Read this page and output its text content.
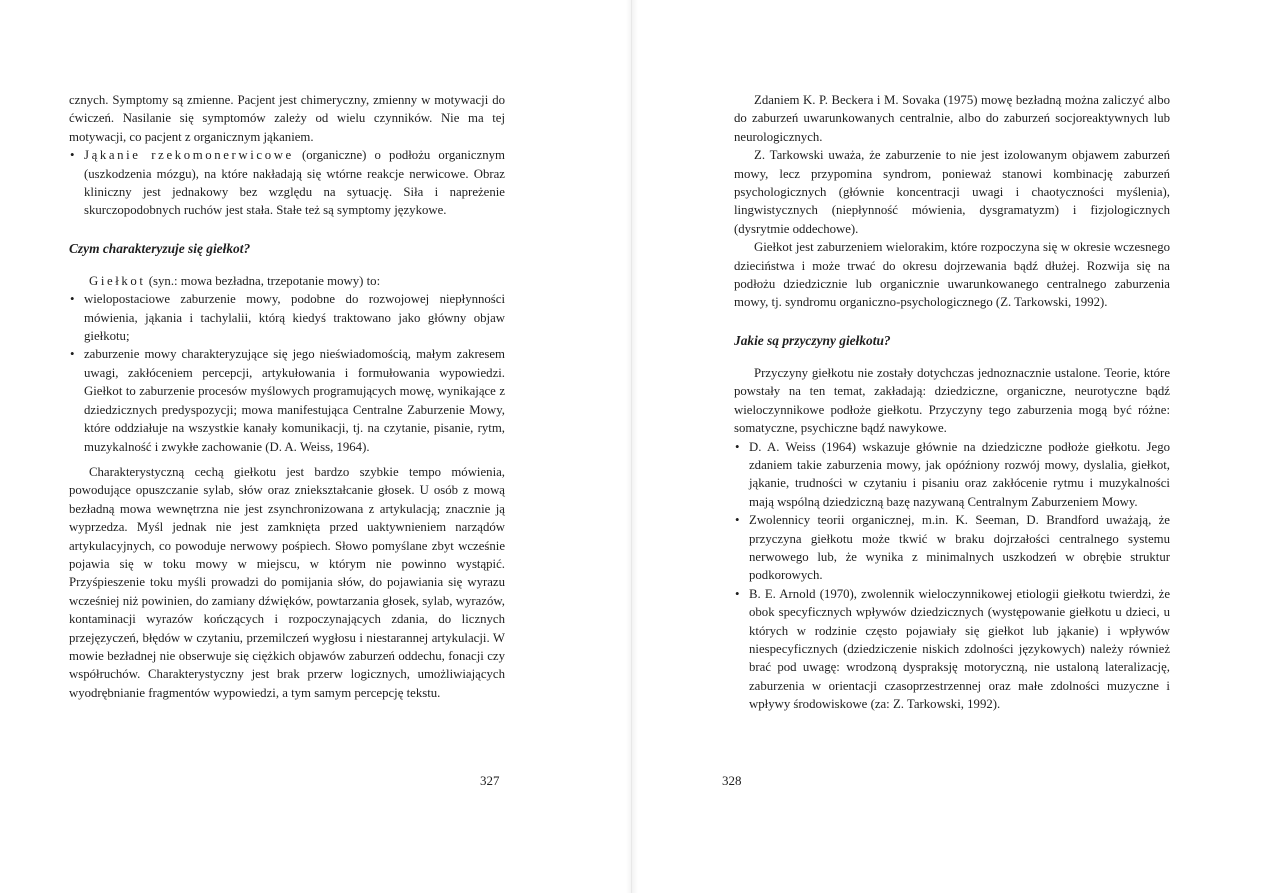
cznych. Symptomy są zmienne. Pacjent jest chimeryczny, zmienny w motywacji do ćwiczeń. Nasilanie się symptomów zależy od wielu czynników. Nie ma tej motywacji, co pacjent z organicznym jąkaniem.

• Jąkanie rzekomonerwicowe (organiczne) o podłożu organicznym (uszkodzenia mózgu), na które nakładają się wtórne reakcje nerwicowe. Obraz kliniczny jest jednakowy bez względu na sytuację. Siła i napreżenie skurczopodobnych ruchów jest stała. Stałe też są symptomy językowe.
Czym charakteryzuje się giełkot?

Giełkot (syn.: mowa bezładna, trzepotanie mowy) to:

• wielopostaciowe zaburzenie mowy, podobne do rozwojowej niepłynności mówienia, jąkania i tachylalii, którą kiedyś traktowano jako główny objaw giełkotu;
• zaburzenie mowy charakteryzujące się jego nieświadomością, małym zakresem uwagi, zakłóceniem percepcji, artykułowania i formułowania wypowiedzi. Giełkot to zaburzenie procesów myślowych programujących mowę, wynikające z dziedzicznych predyspozycji; mowa manifestująca Centralne Zaburzenie Mowy, które oddziałuje na wszystkie kanały komunikacji, tj. na czytanie, pisanie, rytm, muzykalność i zwykłe zachowanie (D. A. Weiss, 1964).

Charakterystyczną cechą giełkotu jest bardzo szybkie tempo mówienia, powodujące opuszczanie sylab, słów oraz zniekształcanie głosek. U osób z mową bezładną mowa wewnętrzna nie jest zsynchronizowana z artykulacją; znacznie ją wyprzedza. Myśl jednak nie jest zamknięta przed uaktywnieniem narządów artykulacyjnych, co powoduje nerwowy pośpiech. Słowo pomyślane zbyt wcześnie pojawia się w toku mowy w miejscu, w którym nie powinno wystąpić. Przyśpieszenie toku myśli prowadzi do pomijania słów, do pojawiania się wyrazu wcześniej niż powinien, do zamiany dźwięków, powtarzania głosek, sylab, wyrazów, kontaminacji wyrazów kończących i rozpoczynających zdania, do licznych przejęzyczeń, błędów w czytaniu, przemilczeń wygłosu i niestarannej artykulacji. W mowie bezładnej nie obserwuje się ciężkich objawów zaburzeń oddechu, fonacji czy współruchów. Charakterystyczny jest brak przerw logicznych, umożliwiających wyodrębnianie fragmentów wypowiedzi, a tym samym percepcję tekstu.

327

Zdaniem K. P. Beckera i M. Sovaka (1975) mowę bezładną można zaliczyć albo do zaburzeń uwarunkowanych centralnie, albo do zaburzeń socjoreaktywnych lub neurologicznych.

Z. Tarkowski uważa, że zaburzenie to nie jest izolowanym objawem zaburzeń mowy, lecz przypomina syndrom, ponieważ stanowi kombinację zaburzeń psychologicznych (głównie koncentracji uwagi i chaotyczności myślenia), lingwistycznych (niepłynność mówienia, dysgramatyzm) i fizjologicznych (dysrytmie oddechowe).

Giełkot jest zaburzeniem wielorakim, które rozpoczyna się w okresie wczesnego dzieciństwa i może trwać do okresu dojrzewania bądź dłużej. Rozwija się na podłożu dziedzicznie lub organicznie uwarunkowanego centralnego zaburzenia mowy, tj. syndromu organiczno-psychologicznego (Z. Tarkowski, 1992).

Jakie są przyczyny giełkotu?

Przyczyny giełkotu nie zostały dotychczas jednoznacznie ustalone. Teorie, które powstały na ten temat, zakładają: dziedziczne, organiczne, neurotyczne bądź wieloczynnikowe podłoże giełkotu. Przyczyny tego zaburzenia mogą być różne: somatyczne, psychiczne bądź nawykowe.

• D. A. Weiss (1964) wskazuje głównie na dziedziczne podłoże giełkotu. Jego zdaniem takie zaburzenia mowy, jak opóźniony rozwój mowy, dyslalia, giełkot, jąkanie, trudności w czytaniu i pisaniu oraz zakłócenie rytmu i muzykalności mają wspólną dziedziczną bazę nazywaną Centralnym Zaburzeniem Mowy.
• Zwolennicy teorii organicznej, m.in. K. Seeman, D. Brandford uważają, że przyczyna giełkotu może tkwić w braku dojrzałości centralnego systemu nerwowego lub, że wynika z minimalnych uszkodzeń w obrębie struktur podkorowych.
• B. E. Arnold (1970), zwolennik wieloczynnikowej etiologii giełkotu twierdzi, że obok specyficznych wpływów dziedzicznych (występowanie giełkotu u dzieci, u których w rodzinie często pojawiały się giełkot lub jąkanie) i wpływów niespecyficznych (dziedziczenie niskich zdolności językowych) należy również brać pod uwagę: wrodzoną dyspraksję motoryczną, nie ustaloną lateralizację, zaburzenia w orientacji czasoprzestrzennej oraz małe zdolności muzyczne i wpływy środowiskowe (za: Z. Tarkowski, 1992).
328
